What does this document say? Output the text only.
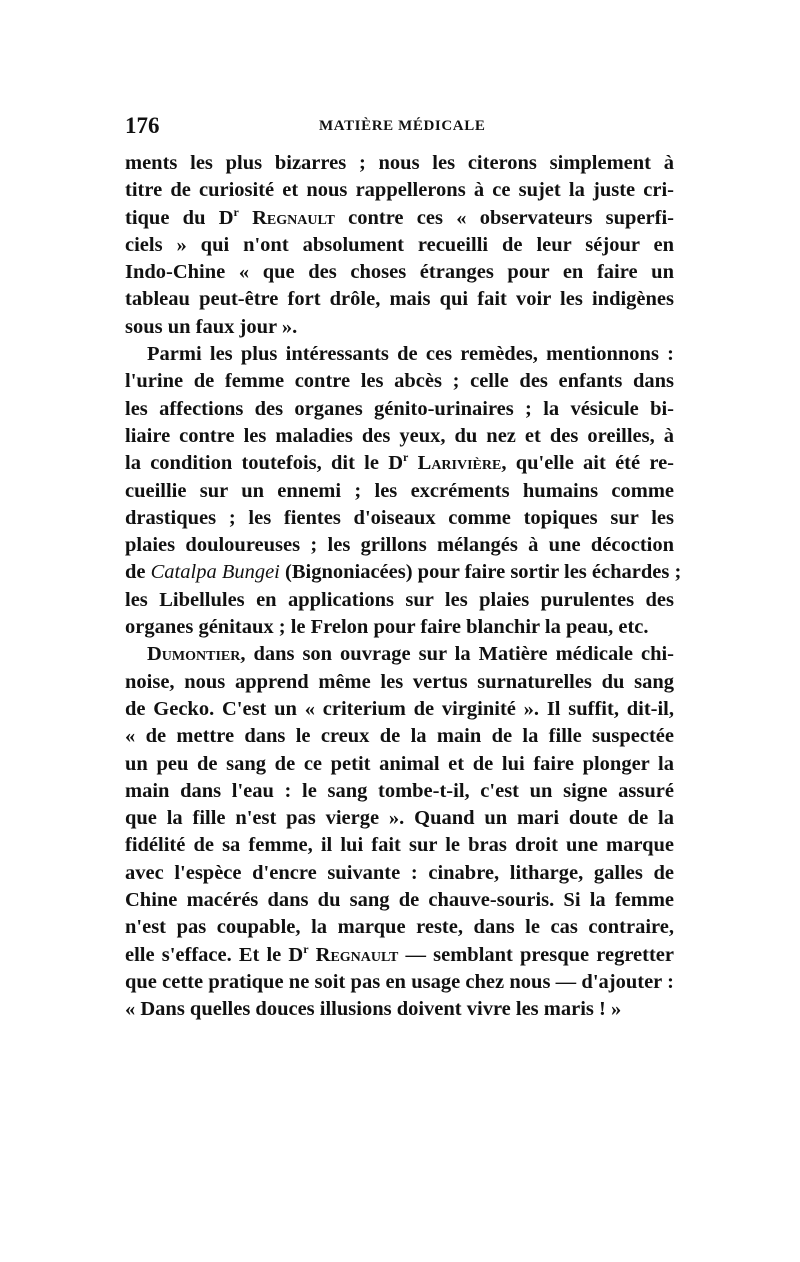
176	MATIÈRE MÉDICALE
ments les plus bizarres ; nous les citerons simplement à
titre de curiosité et nous rappellerons à ce sujet la juste cri-
tique du $D^r$ Regnault contre ces « observateurs superfi-
ciels » qui n'ont absolument recueilli de leur séjour en
Indo-Chine « que des choses étranges pour en faire un
tableau peut-être fort drôle, mais qui fait voir les indigènes
sous un faux jour ».
Parmi les plus intéressants de ces remèdes, mentionnons :
l'urine de femme contre les abcès ; celle des enfants dans
les affections des organes génito-urinaires ; la vésicule bi-
liaire contre les maladies des yeux, du nez et des oreilles, à
la condition toutefois, dit le $D^r$ Larivière, qu'elle ait été re-
cueillie sur un ennemi ; les excréments humains comme
drastiques ; les fientes d'oiseaux comme topiques sur les
plaies douloureuses ; les grillons mélangés à une décoction
de Catalpa Bungei (Bignoniacées) pour faire sortir les échardes ;
les Libellules en applications sur les plaies purulentes des
organes génitaux ; le Frelon pour faire blanchir la peau, etc.
Dumontier, dans son ouvrage sur la Matière médicale chi-
noise, nous apprend même les vertus surnaturelles du sang
de Gecko. C'est un « criterium de virginité ». Il suffit, dit-il,
« de mettre dans le creux de la main de la fille suspectée
un peu de sang de ce petit animal et de lui faire plonger la
main dans l'eau : le sang tombe-t-il, c'est un signe assuré
que la fille n'est pas vierge ». Quand un mari doute de la
fidélité de sa femme, il lui fait sur le bras droit une marque
avec l'espèce d'encre suivante : cinabre, litharge, galles de
Chine macérés dans du sang de chauve-souris. Si la femme
n'est pas coupable, la marque reste, dans le cas contraire,
elle s'efface. Et le $D^r$ Regnault — semblant presque regretter
que cette pratique ne soit pas en usage chez nous — d'ajouter :
« Dans quelles douces illusions doivent vivre les maris ! »
